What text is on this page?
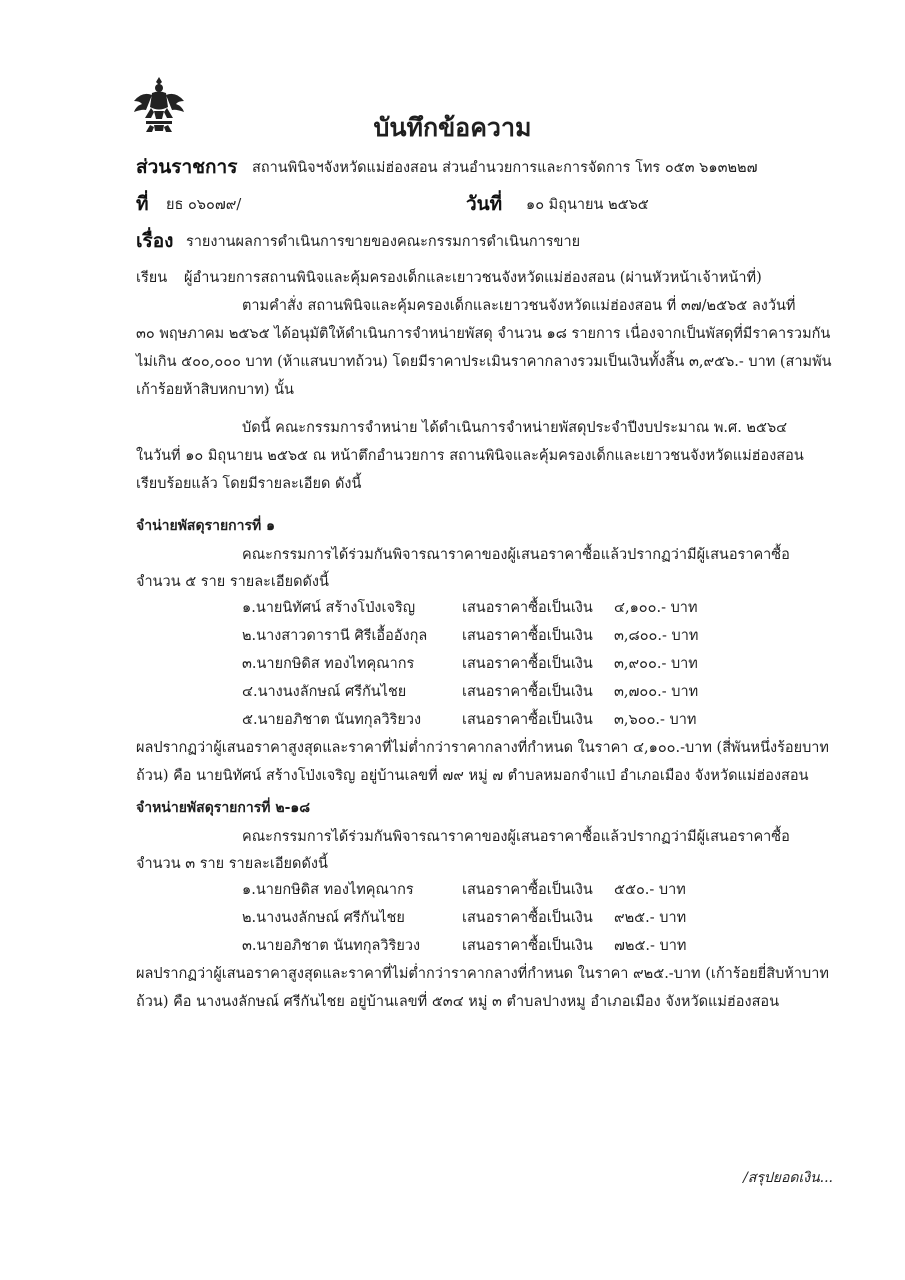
บันทึกข้อความ
ส่วนราชการ สถานพินิจฯจังหวัดแม่ฮ่องสอน ส่วนอำนวยการและการจัดการ โทร ๐๕๓ ๖๑๓๒๒๗
ที่ ยธ ๐๖๐๗๙/	วันที่ ๑๐ มิถุนายน ๒๕๖๕
เรื่อง รายงานผลการดำเนินการขายของคณะกรรมการดำเนินการขาย
เรียน ผู้อำนวยการสถานพินิจและคุ้มครองเด็กและเยาวชนจังหวัดแม่ฮ่องสอน (ผ่านหัวหน้าเจ้าหน้าที่)
ตามคำสั่ง สถานพินิจและคุ้มครองเด็กและเยาวชนจังหวัดแม่ฮ่องสอน ที่ ๓๗/๒๕๖๕ ลงวันที่
๓๐ พฤษภาคม ๒๕๖๕ ได้อนุมัติให้ดำเนินการจำหน่ายพัสดุ จำนวน ๑๘ รายการ เนื่องจากเป็นพัสดุที่มีราคารวมกัน
ไม่เกิน ๕๐๐,๐๐๐ บาท (ห้าแสนบาทถ้วน) โดยมีราคาประเมินราคากลางรวมเป็นเงินทั้งสิ้น ๓,๙๕๖.- บาท (สามพัน
เก้าร้อยห้าสิบหกบาท) นั้น
บัดนี้ คณะกรรมการจำหน่าย ได้ดำเนินการจำหน่ายพัสดุประจำปีงบประมาณ พ.ศ. ๒๕๖๔
ในวันที่ ๑๐ มิถุนายน ๒๕๖๕ ณ หน้าตึกอำนวยการ สถานพินิจและคุ้มครองเด็กและเยาวชนจังหวัดแม่ฮ่องสอน
เรียบร้อยแล้ว โดยมีรายละเอียด ดังนี้
จำน่ายพัสดุรายการที่ ๑
คณะกรรมการได้ร่วมกันพิจารณาราคาของผู้เสนอราคาซื้อแล้วปรากฏว่ามีผู้เสนอราคาซื้อ
จำนวน ๕ ราย รายละเอียดดังนี้
๑.นายนิทัศน์ สร้างโป่งเจริญ	เสนอราคาซื้อเป็นเงิน ๔,๑๐๐.- บาท
๒.นางสาวดารานี ศิรีเอื้ออังกุล เสนอราคาซื้อเป็นเงิน ๓,๘๐๐.- บาท
๓.นายกษิดิส ทองไทคุณากร	เสนอราคาซื้อเป็นเงิน ๓,๙๐๐.- บาท
๔.นางนงลักษณ์ ศรีกันไชย	เสนอราคาซื้อเป็นเงิน ๓,๗๐๐.- บาท
๕.นายอภิชาต นันทกุลวิริยวง	เสนอราคาซื้อเป็นเงิน ๓,๖๐๐.- บาท
ผลปรากฏว่าผู้เสนอราคาสูงสุดและราคาที่ไม่ต่ำกว่าราคากลางที่กำหนด ในราคา ๔,๑๐๐.-บาท (สี่พันหนึ่งร้อยบาท
ถ้วน) คือ นายนิทัศน์ สร้างโป่งเจริญ อยู่บ้านเลขที่ ๗๙ หมู่ ๗ ตำบลหมอกจำแป่ อำเภอเมือง จังหวัดแม่ฮ่องสอน
จำหน่ายพัสดุรายการที่ ๒-๑๘
คณะกรรมการได้ร่วมกันพิจารณาราคาของผู้เสนอราคาซื้อแล้วปรากฏว่ามีผู้เสนอราคาซื้อ
จำนวน ๓ ราย รายละเอียดดังนี้
๑.นายกษิดิส ทองไทคุณากร	เสนอราคาซื้อเป็นเงิน ๕๕๐.- บาท
๒.นางนงลักษณ์ ศรีกันไชย	เสนอราคาซื้อเป็นเงิน ๙๒๕.- บาท
๓.นายอภิชาต นันทกุลวิริยวง	เสนอราคาซื้อเป็นเงิน ๗๒๕.- บาท
ผลปรากฏว่าผู้เสนอราคาสูงสุดและราคาที่ไม่ต่ำกว่าราคากลางที่กำหนด ในราคา ๙๒๕.-บาท (เก้าร้อยยี่สิบห้าบาท
ถ้วน) คือ นางนงลักษณ์ ศรีกันไชย อยู่บ้านเลขที่ ๕๓๔ หมู่ ๓ ตำบลปางหมู อำเภอเมือง จังหวัดแม่ฮ่องสอน
/สรุปยอดเงิน...
